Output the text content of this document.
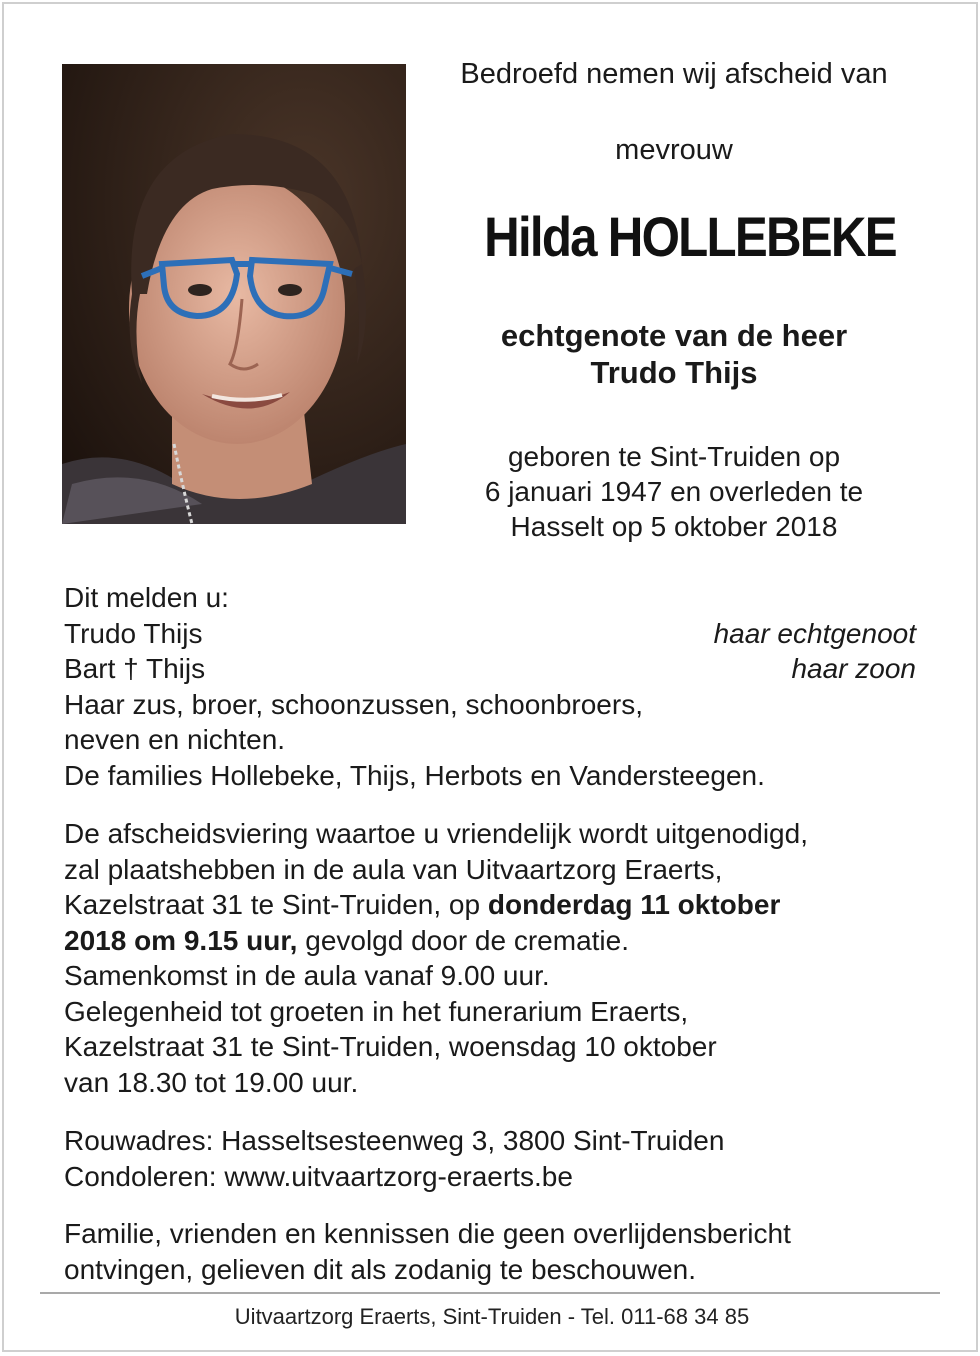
Bedroefd nemen wij afscheid van
mevrouw
Hilda HOLLEBEKE
echtgenote van de heer
Trudo Thijs
geboren te Sint-Truiden op
6 januari 1947 en overleden te
Hasselt op 5 oktober 2018
Dit melden u:
Trudo Thijs	haar echtgenoot
Bart † Thijs	haar zoon
Haar zus, broer, schoonzussen, schoonbroers,
neven en nichten.
De families Hollebeke, Thijs, Herbots en Vandersteegen.
De afscheidsviering waartoe u vriendelijk wordt uitgenodigd,
zal plaatshebben in de aula van Uitvaartzorg Eraerts,
Kazelstraat 31 te Sint-Truiden, op donderdag 11 oktober
2018 om 9.15 uur, gevolgd door de crematie.
Samenkomst in de aula vanaf 9.00 uur.
Gelegenheid tot groeten in het funerarium Eraerts,
Kazelstraat 31 te Sint-Truiden, woensdag 10 oktober
van 18.30 tot 19.00 uur.
Rouwadres: Hasseltsesteenweg 3, 3800 Sint-Truiden
Condoleren: www.uitvaartzorg-eraerts.be
Familie, vrienden en kennissen die geen overlijdensbericht
ontvingen, gelieven dit als zodanig te beschouwen.
Uitvaartzorg Eraerts, Sint-Truiden - Tel. 011-68 34 85
